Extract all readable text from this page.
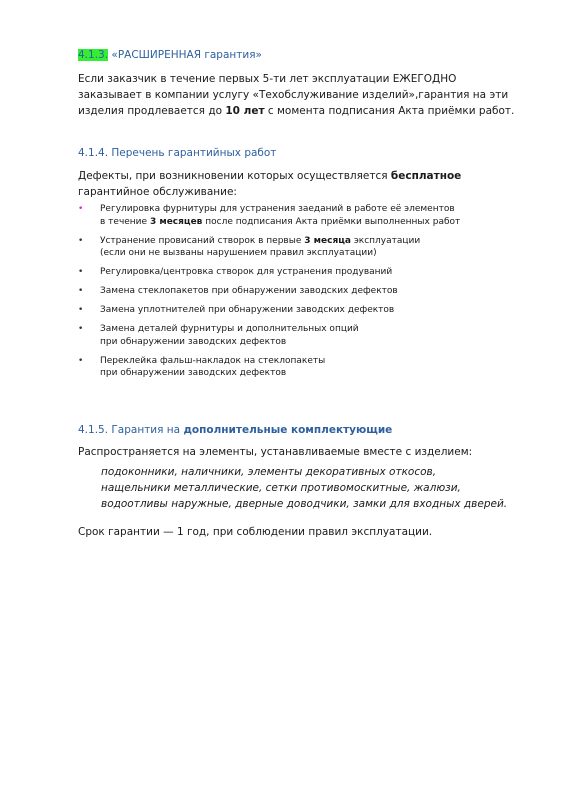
4.1.3. «РАСШИРЕННАЯ гарантия»
Если заказчик в течение первых 5-ти лет эксплуатации ЕЖЕГОДНО заказывает в компании услугу «Техобслуживание изделий»,гарантия на эти изделия продлевается до 10 лет с момента подписания Акта приёмки работ.
4.1.4. Перечень гарантийных работ
Дефекты, при возникновении которых осуществляется бесплатное гарантийное обслуживание:
•	Регулировка фурнитуры для устранения заеданий в работе её элементов
в течение 3 месяцев после подписания Акта приёмки выполненных работ
•	Устранение провисаний створок в первые 3 месяца эксплуатации
(если они не вызваны нарушением правил эксплуатации)
•	Регулировка/центровка створок для устранения продуваний
•	Замена стеклопакетов при обнаружении заводских дефектов
•	Замена уплотнителей при обнаружении заводских дефектов
•	Замена деталей фурнитуры и дополнительных опций
при обнаружении заводских дефектов
•	Переклейка фальш-накладок на стеклопакеты
при обнаружении заводских дефектов
4.1.5. Гарантия на дополнительные комплектующие
Распространяется на элементы, устанавливаемые вместе с изделием:
подоконники, наличники, элементы декоративных откосов,
нащельники металлические, сетки противомоскитные, жалюзи,
водоотливы наружные, дверные доводчики, замки для входных дверей.
Срок гарантии — 1 год, при соблюдении правил эксплуатации.
